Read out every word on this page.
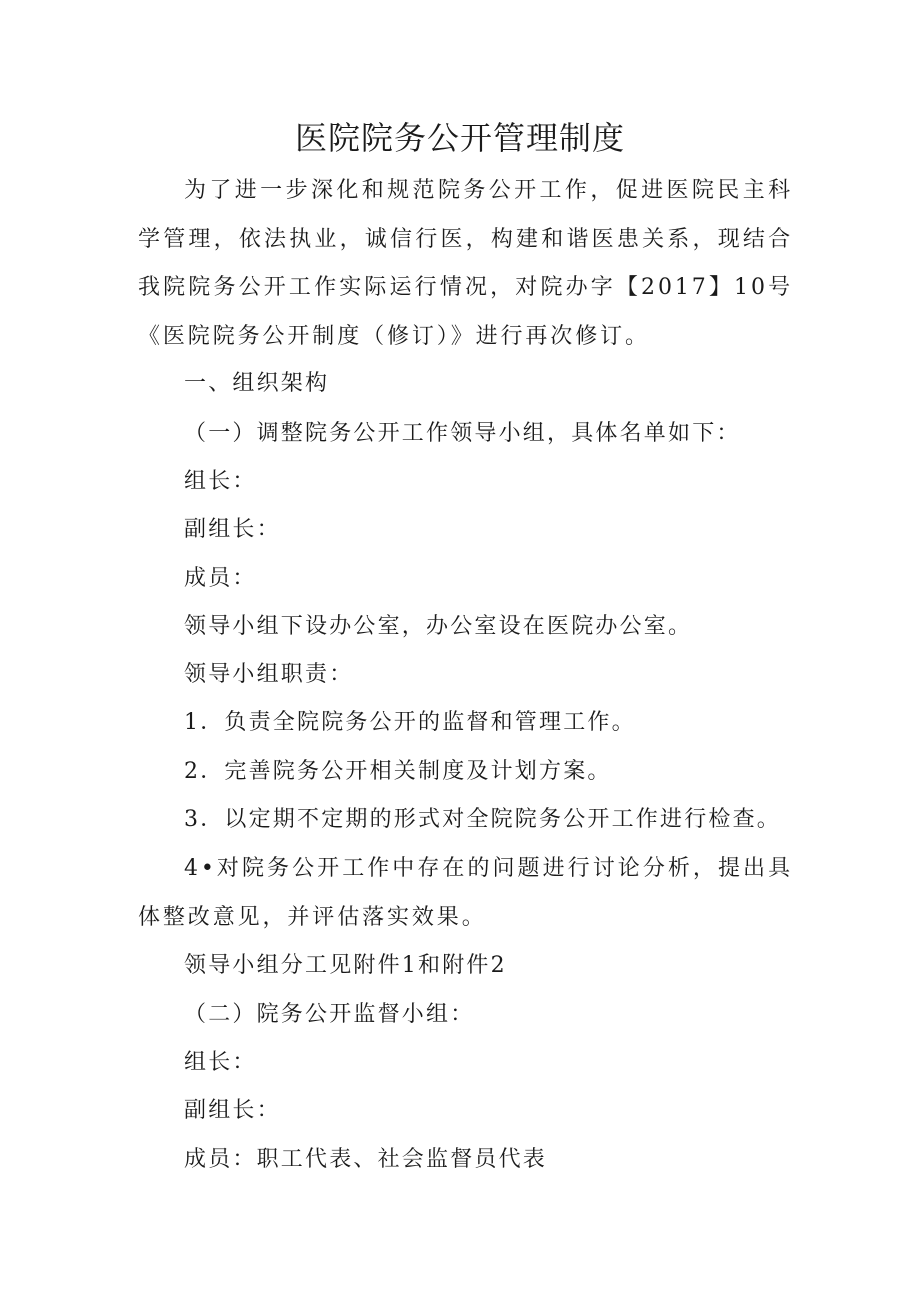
医院院务公开管理制度

为了进一步深化和规范院务公开工作，促进医院民主科学管理，依法执业，诚信行医，构建和谐医患关系，现结合我院院务公开工作实际运行情况，对院办字【2017】10号《医院院务公开制度（修订）》进行再次修订。

一、组织架构

（一）调整院务公开工作领导小组，具体名单如下：

组长：

副组长：

成员：

领导小组下设办公室，办公室设在医院办公室。

领导小组职责：

1．负责全院院务公开的监督和管理工作。

2．完善院务公开相关制度及计划方案。

3．以定期不定期的形式对全院院务公开工作进行检查。

4•对院务公开工作中存在的问题进行讨论分析，提出具体整改意见，并评估落实效果。

领导小组分工见附件1和附件2

（二）院务公开监督小组：

组长：

副组长：

成员：职工代表、社会监督员代表
